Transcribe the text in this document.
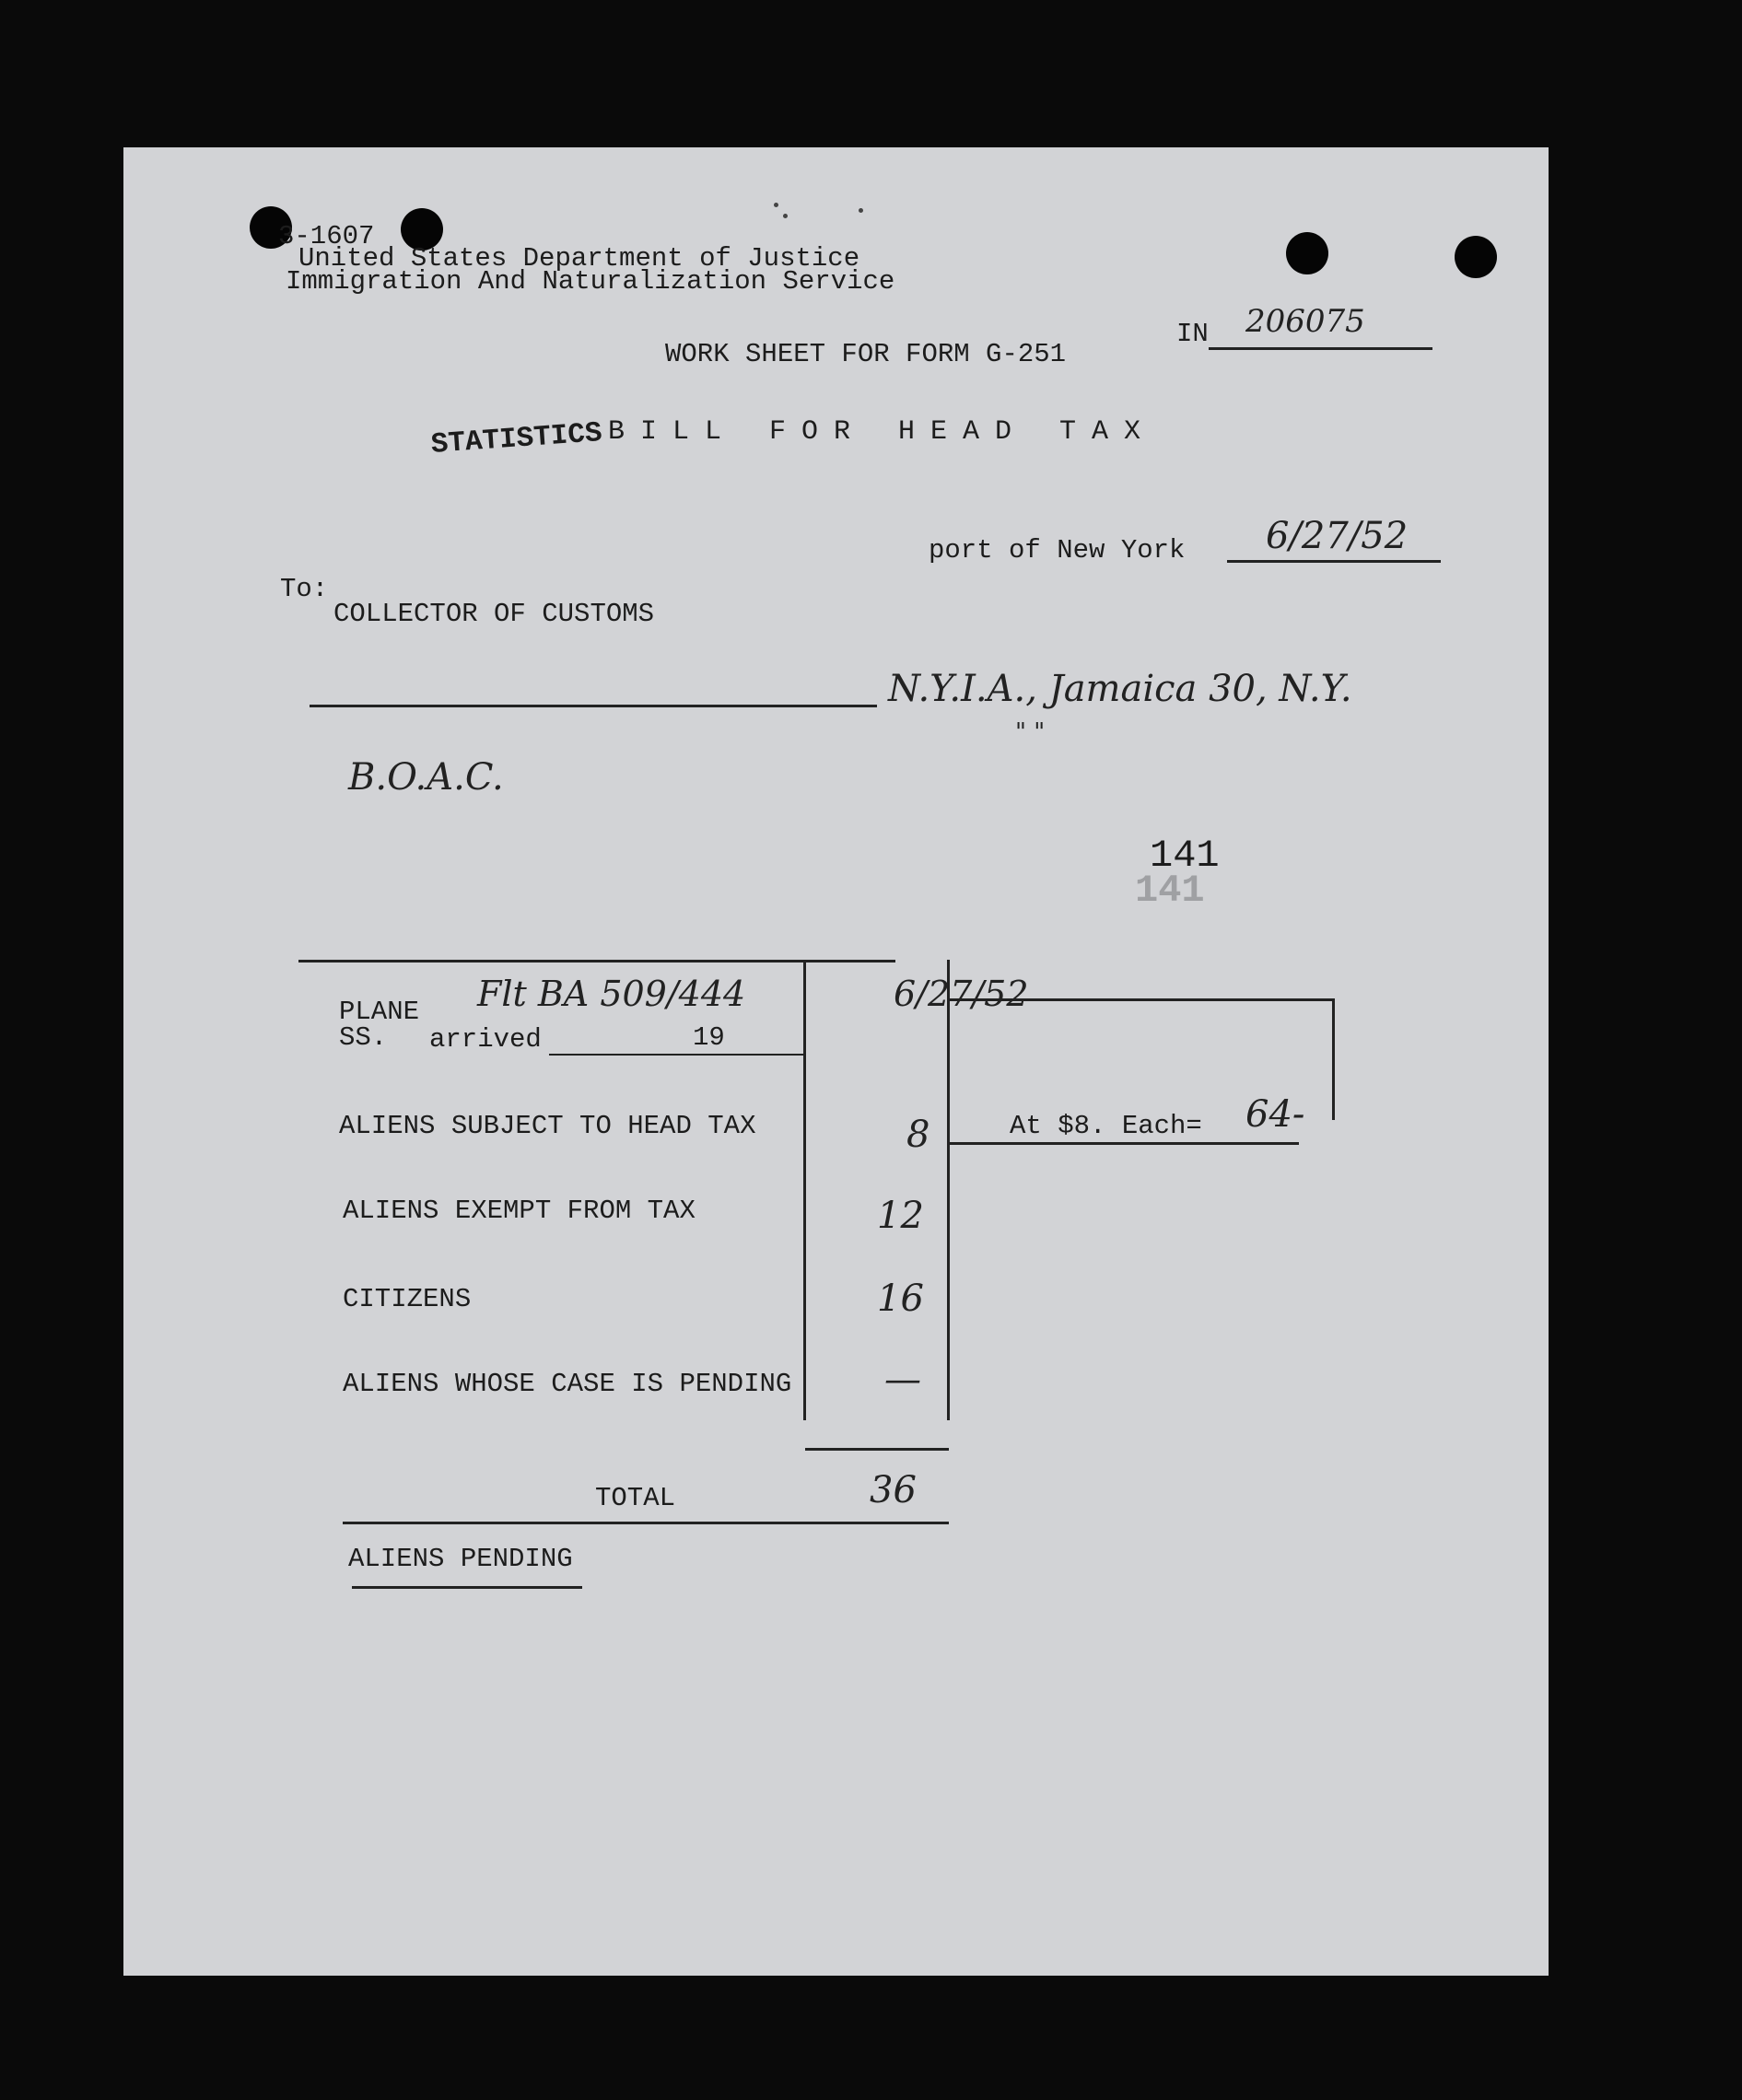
3-1607
United States Department of Justice
Immigration And Naturalization Service
WORK SHEET FOR FORM G-251
IN 206075
STATISTICS BILL FOR HEAD TAX
port of New York 6/27/52
To:
COLLECTOR OF CUSTOMS
N.Y.I.A., Jamaica 30, N.Y.
" "
B.O.A.C.
141
141
PLANE
SS. arrived	19
Flt BA 509/444	6/27/52
ALIENS SUBJECT TO HEAD TAX	8	At $8. Each= 64-
ALIENS EXEMPT FROM TAX	12
CITIZENS	16
ALIENS WHOSE CASE IS PENDING	—
TOTAL	36
ALIENS PENDING
